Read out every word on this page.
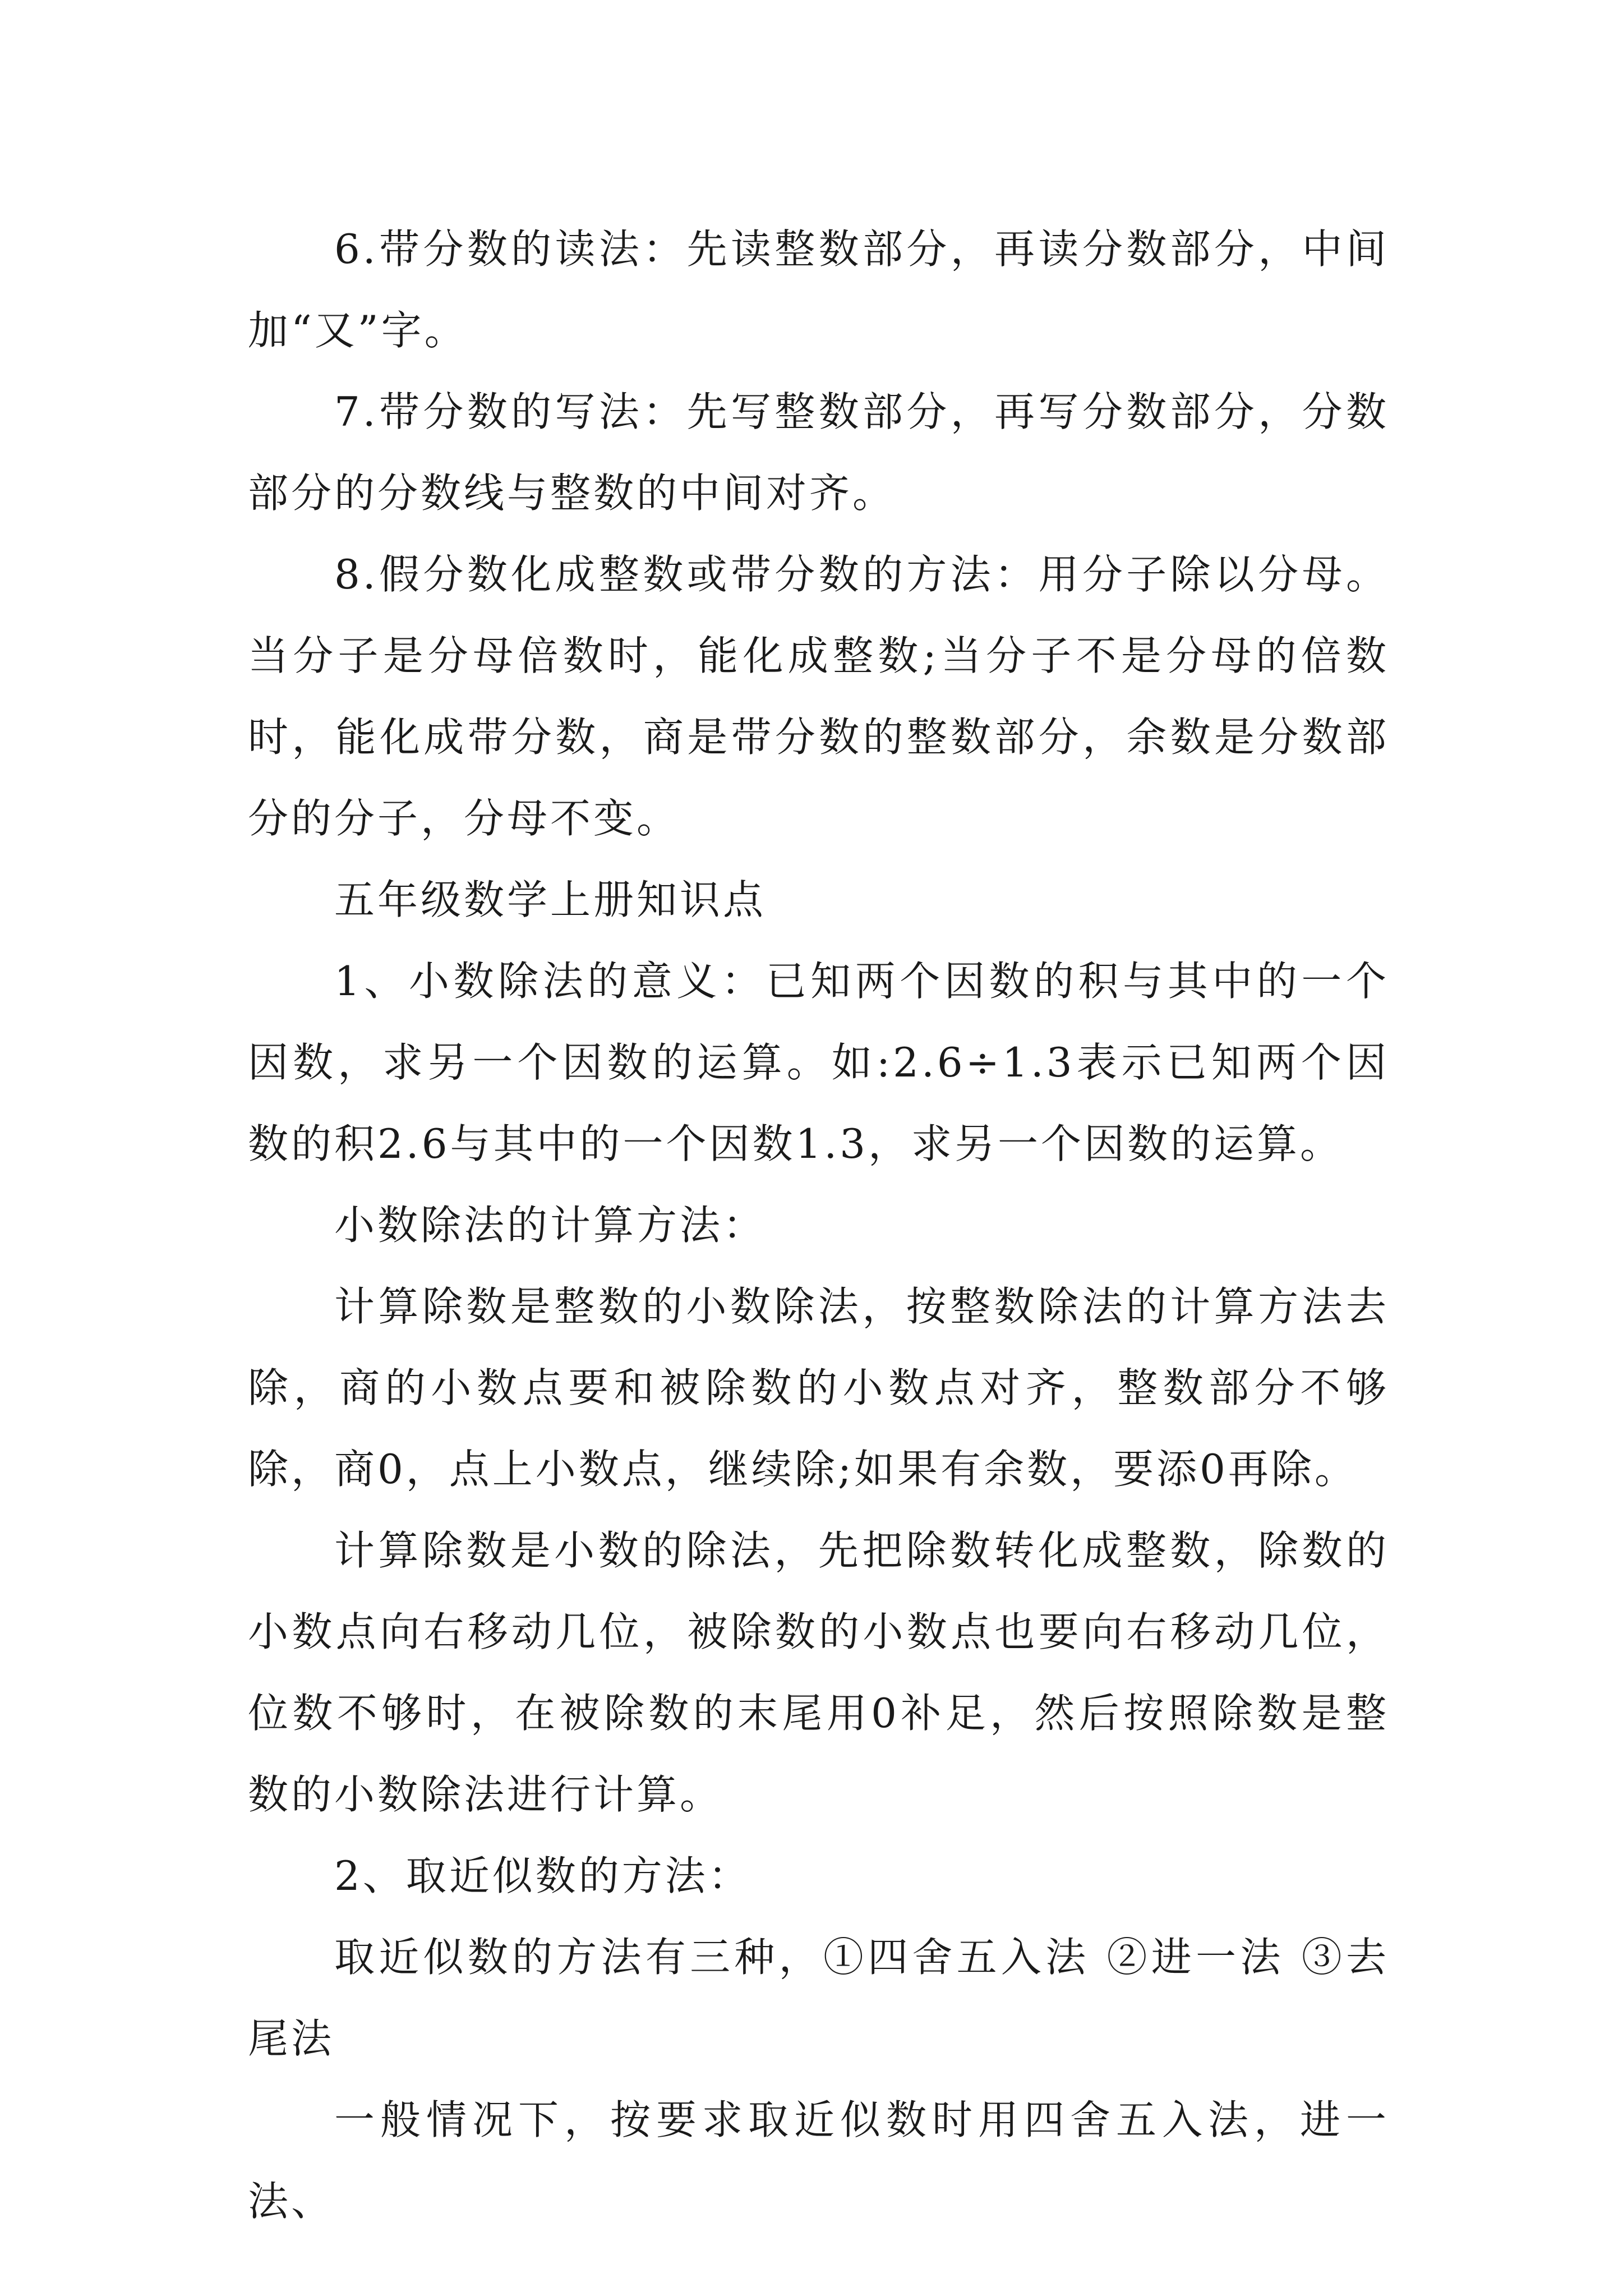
6.带分数的读法：先读整数部分，再读分数部分，中间加“又”字。

7.带分数的写法：先写整数部分，再写分数部分，分数部分的分数线与整数的中间对齐。

8.假分数化成整数或带分数的方法：用分子除以分母。当分子是分母倍数时，能化成整数;当分子不是分母的倍数时，能化成带分数，商是带分数的整数部分，余数是分数部分的分子，分母不变。

五年级数学上册知识点

1、小数除法的意义：已知两个因数的积与其中的一个因数，求另一个因数的运算。如:2.6÷1.3表示已知两个因数的积2.6与其中的一个因数1.3，求另一个因数的运算。

小数除法的计算方法：

计算除数是整数的小数除法，按整数除法的计算方法去除，商的小数点要和被除数的小数点对齐，整数部分不够除，商0，点上小数点，继续除;如果有余数，要添0再除。

计算除数是小数的除法，先把除数转化成整数，除数的小数点向右移动几位，被除数的小数点也要向右移动几位，位数不够时，在被除数的末尾用0补足，然后按照除数是整数的小数除法进行计算。

2、取近似数的方法：

取近似数的方法有三种，①四舍五入法 ②进一法 ③去尾法

一般情况下，按要求取近似数时用四舍五入法，进一法、
